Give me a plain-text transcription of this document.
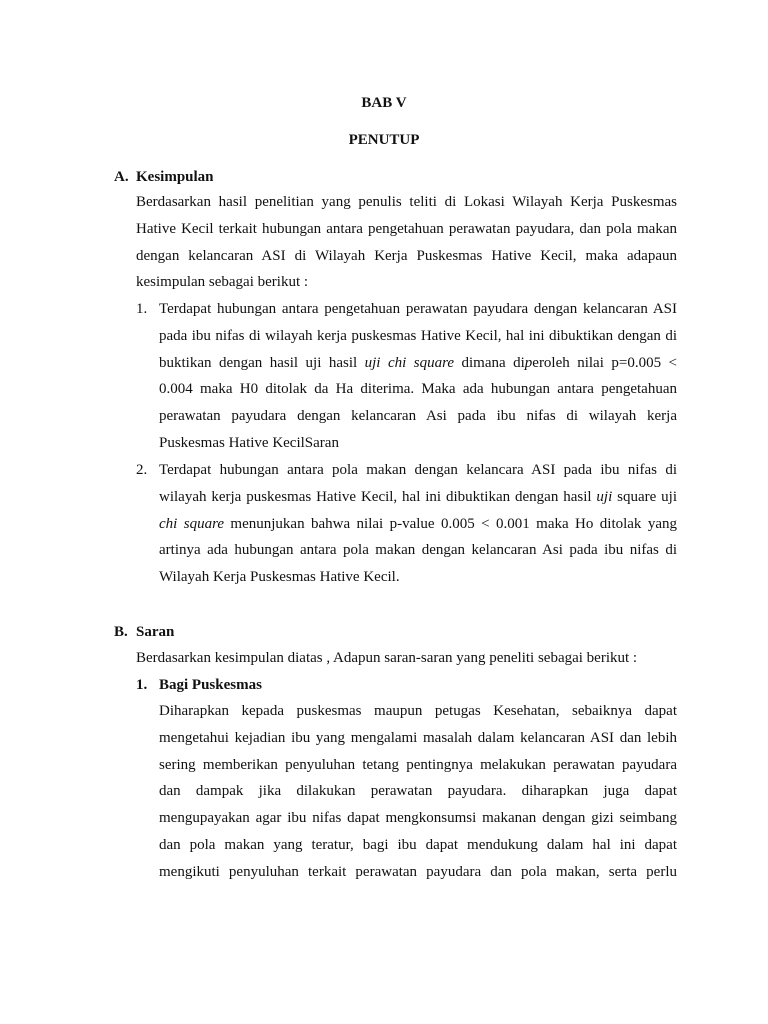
BAB V
PENUTUP
A. Kesimpulan
Berdasarkan hasil penelitian yang penulis teliti di Lokasi Wilayah Kerja Puskesmas
Hative Kecil terkait hubungan antara pengetahuan perawatan payudara, dan pola makan
dengan kelancaran ASI di Wilayah Kerja Puskesmas Hative Kecil, maka adapaun
kesimpulan sebagai berikut :
1. Terdapat hubungan antara pengetahuan perawatan payudara dengan kelancaran ASI
pada ibu nifas di wilayah kerja puskesmas Hative Kecil, hal ini dibuktikan dengan di
buktikan dengan hasil uji hasil uji chi square dimana diperoleh nilai p=0.005 <
0.004 maka H0 ditolak da Ha diterima. Maka ada hubungan antara pengetahuan
perawatan payudara dengan kelancaran Asi pada ibu nifas di wilayah kerja
Puskesmas Hative KecilSaran
2. Terdapat hubungan antara pola makan dengan kelancara ASI pada ibu nifas di
wilayah kerja puskesmas Hative Kecil, hal ini dibuktikan dengan hasil uji square uji
chi square menunjukan bahwa nilai p-value 0.005 < 0.001 maka Ho ditolak yang
artinya ada hubungan antara pola makan dengan kelancaran Asi pada ibu nifas di
Wilayah Kerja Puskesmas Hative Kecil.
B. Saran
Berdasarkan kesimpulan diatas , Adapun saran-saran yang peneliti sebagai berikut :
1. Bagi Puskesmas
Diharapkan kepada puskesmas maupun petugas Kesehatan, sebaiknya dapat
mengetahui kejadian ibu yang mengalami masalah dalam kelancaran ASI dan lebih
sering memberikan penyuluhan tetang pentingnya melakukan perawatan payudara
dan dampak jika dilakukan perawatan payudara. diharapkan juga dapat
mengupayakan agar ibu nifas dapat mengkonsumsi makanan dengan gizi seimbang
dan pola makan yang teratur, bagi ibu dapat mendukung dalam hal ini dapat
mengikuti penyuluhan terkait perawatan payudara dan pola makan, serta perlu
